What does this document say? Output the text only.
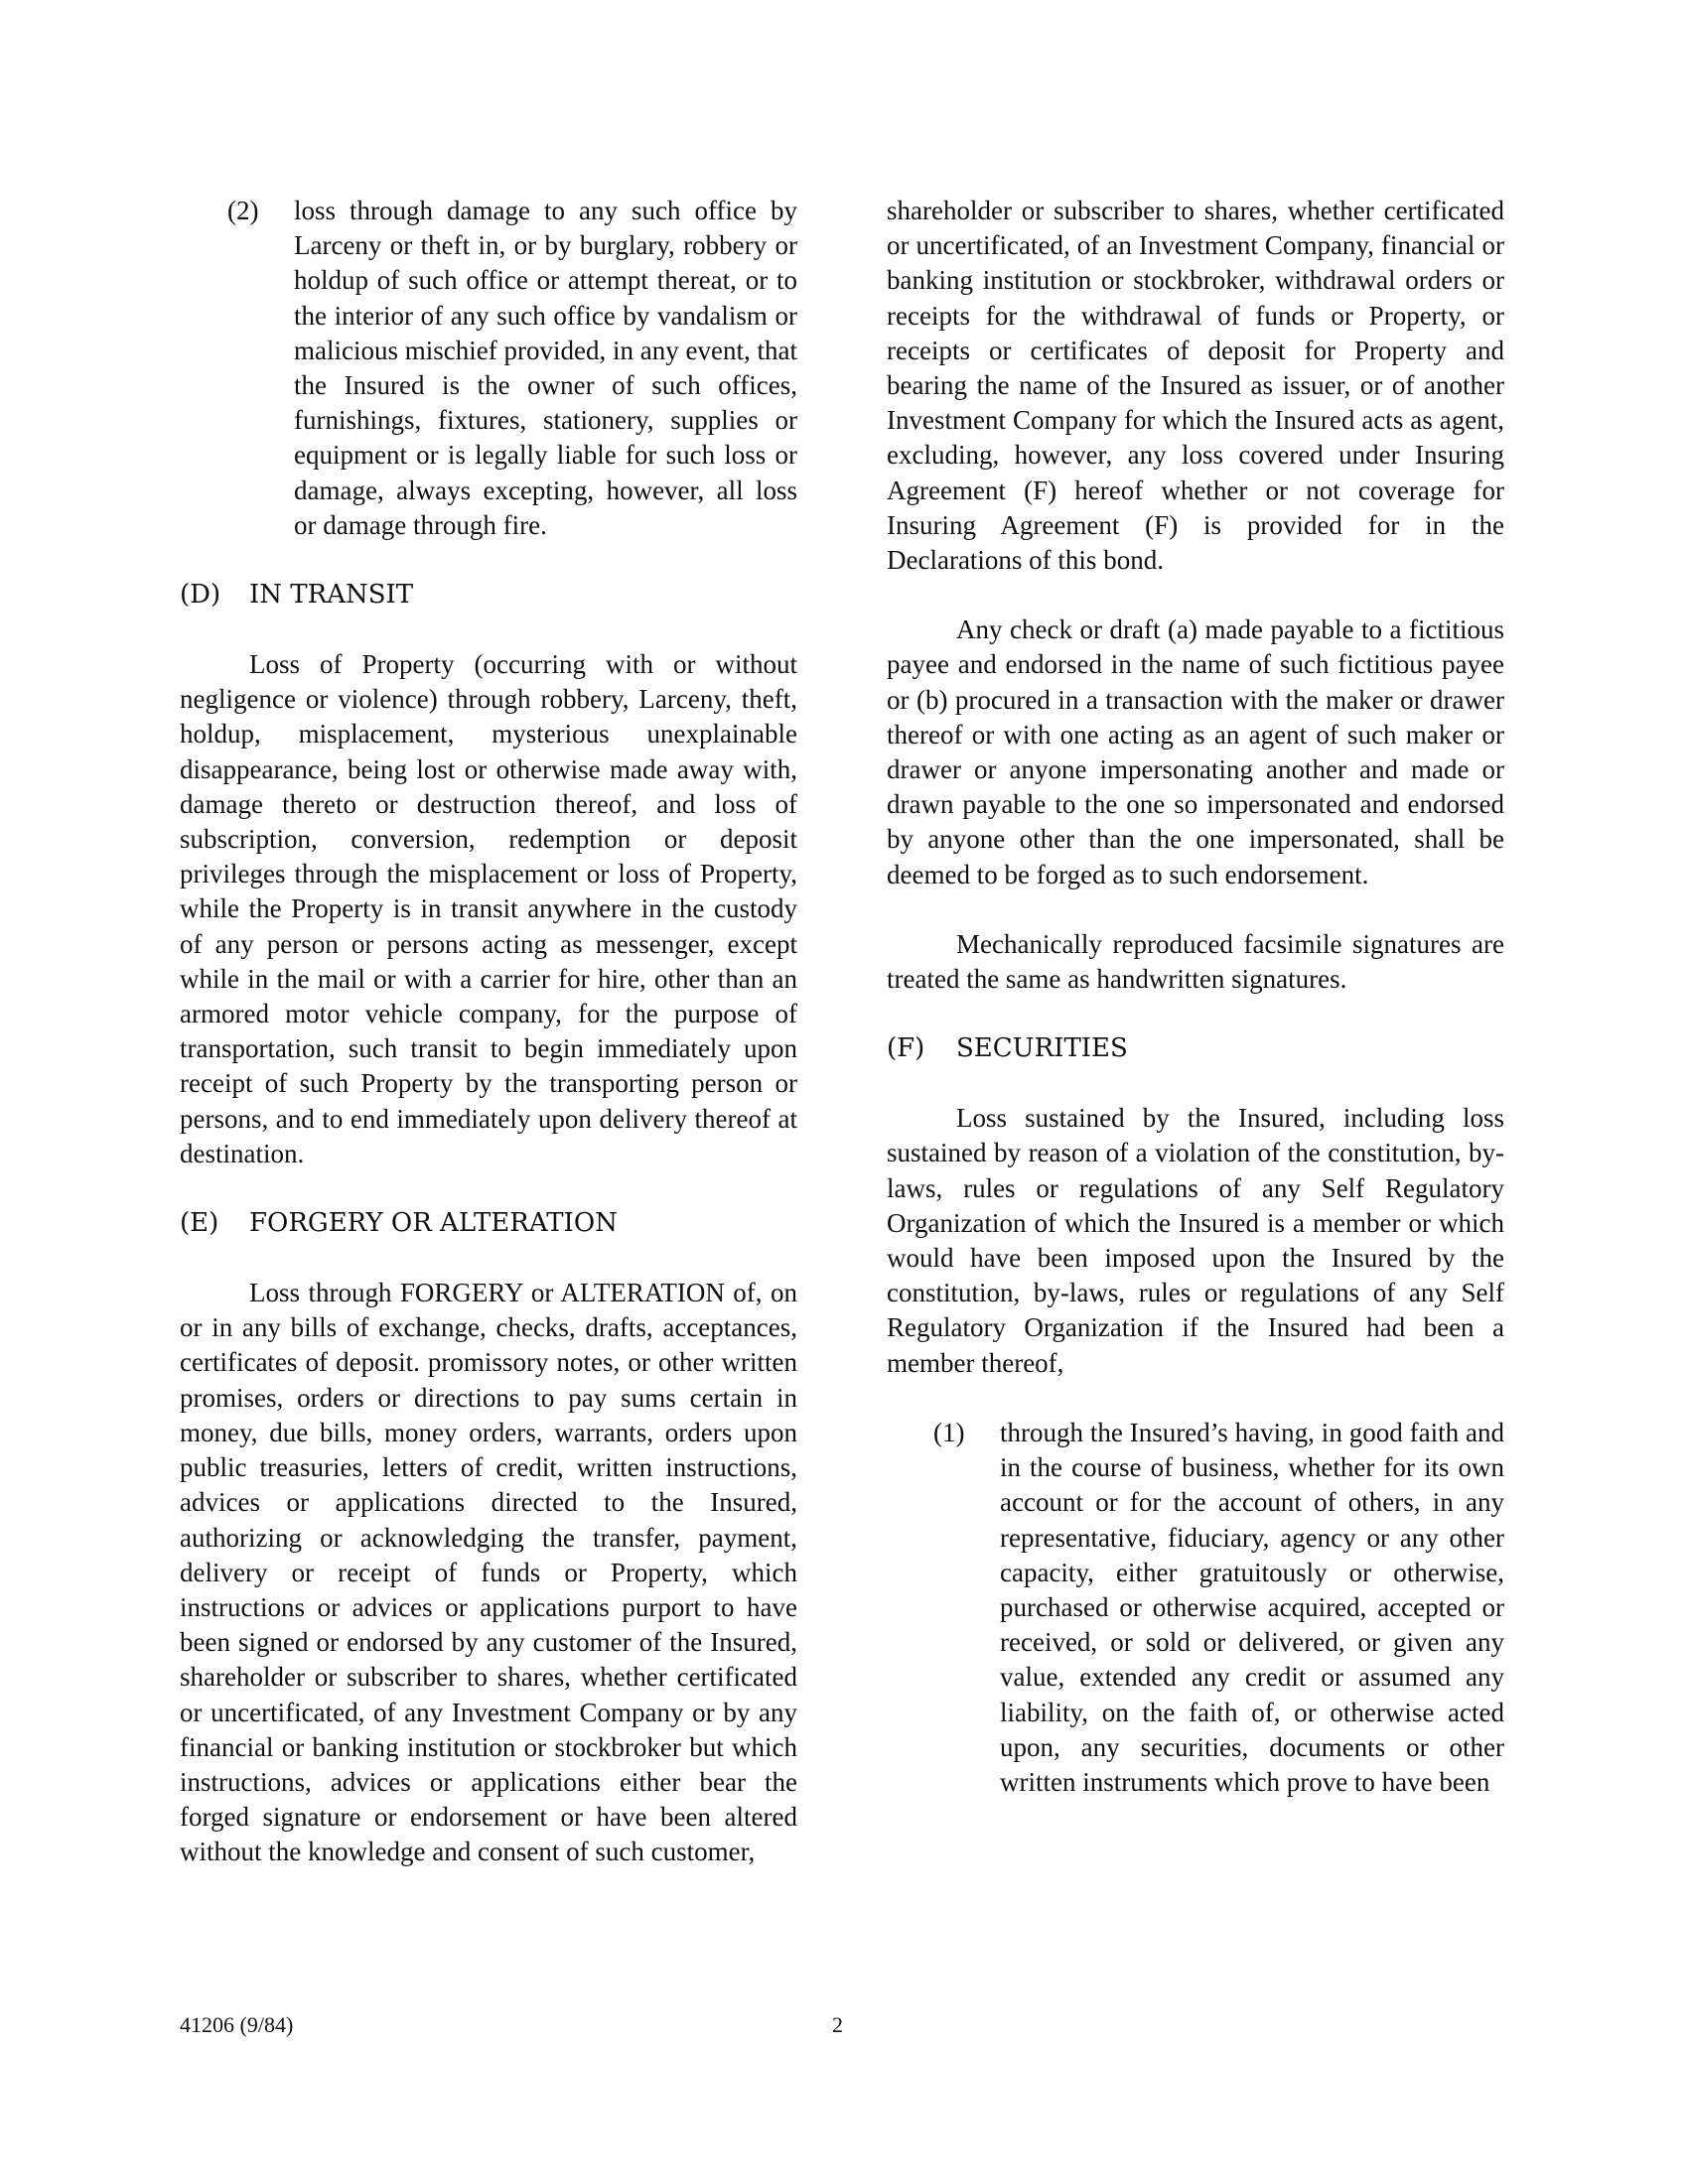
(2)	loss through damage to any such office by Larceny or theft in, or by burglary, robbery or holdup of such office or attempt thereat, or to the interior of any such office by vandalism or malicious mischief provided, in any event, that the Insured is the owner of such offices, furnishings, fixtures, stationery, supplies or equipment or is legally liable for such loss or damage, always excepting, however, all loss or damage through fire.

(D)	IN TRANSIT

Loss of Property (occurring with or without negligence or violence) through robbery, Larceny, theft, holdup, misplacement, mysterious unexplainable disappearance, being lost or otherwise made away with, damage thereto or destruction thereof, and loss of subscription, conversion, redemption or deposit privileges through the misplacement or loss of Property, while the Property is in transit anywhere in the custody of any person or persons acting as messenger, except while in the mail or with a carrier for hire, other than an armored motor vehicle company, for the purpose of transportation, such transit to begin immediately upon receipt of such Property by the transporting person or persons, and to end immediately upon delivery thereof at destination.

(E)	FORGERY OR ALTERATION

Loss through FORGERY or ALTERATION of, on or in any bills of exchange, checks, drafts, acceptances, certificates of deposit. promissory notes, or other written promises, orders or directions to pay sums certain in money, due bills, money orders, warrants, orders upon public treasuries, letters of credit, written instructions, advices or applications directed to the Insured, authorizing or acknowledging the transfer, payment, delivery or receipt of funds or Property, which instructions or advices or applications purport to have been signed or endorsed by any customer of the Insured, shareholder or subscriber to shares, whether certificated or uncertificated, of any Investment Company or by any financial or banking institution or stockbroker but which instructions, advices or applications either bear the forged signature or endorsement or have been altered without the knowledge and consent of such customer,

shareholder or subscriber to shares, whether certificated or uncertificated, of an Investment Company, financial or banking institution or stockbroker, withdrawal orders or receipts for the withdrawal of funds or Property, or receipts or certificates of deposit for Property and bearing the name of the Insured as issuer, or of another Investment Company for which the Insured acts as agent, excluding, however, any loss covered under Insuring Agreement (F) hereof whether or not coverage for Insuring Agreement (F) is provided for in the Declarations of this bond.

Any check or draft (a) made payable to a fictitious payee and endorsed in the name of such fictitious payee or (b) procured in a transaction with the maker or drawer thereof or with one acting as an agent of such maker or drawer or anyone impersonating another and made or drawn payable to the one so impersonated and endorsed by anyone other than the one impersonated, shall be deemed to be forged as to such endorsement.

Mechanically reproduced facsimile signatures are treated the same as handwritten signatures.

(F)	SECURITIES

Loss sustained by the Insured, including loss sustained by reason of a violation of the constitution, by-laws, rules or regulations of any Self Regulatory Organization of which the Insured is a member or which would have been imposed upon the Insured by the constitution, by-laws, rules or regulations of any Self Regulatory Organization if the Insured had been a member thereof,

(1)	through the Insured’s having, in good faith and in the course of business, whether for its own account or for the account of others, in any representative, fiduciary, agency or any other capacity, either gratuitously or otherwise, purchased or otherwise acquired, accepted or received, or sold or delivered, or given any value, extended any credit or assumed any liability, on the faith of, or otherwise acted upon, any securities, documents or other written instruments which prove to have been

41206 (9/84)	2
